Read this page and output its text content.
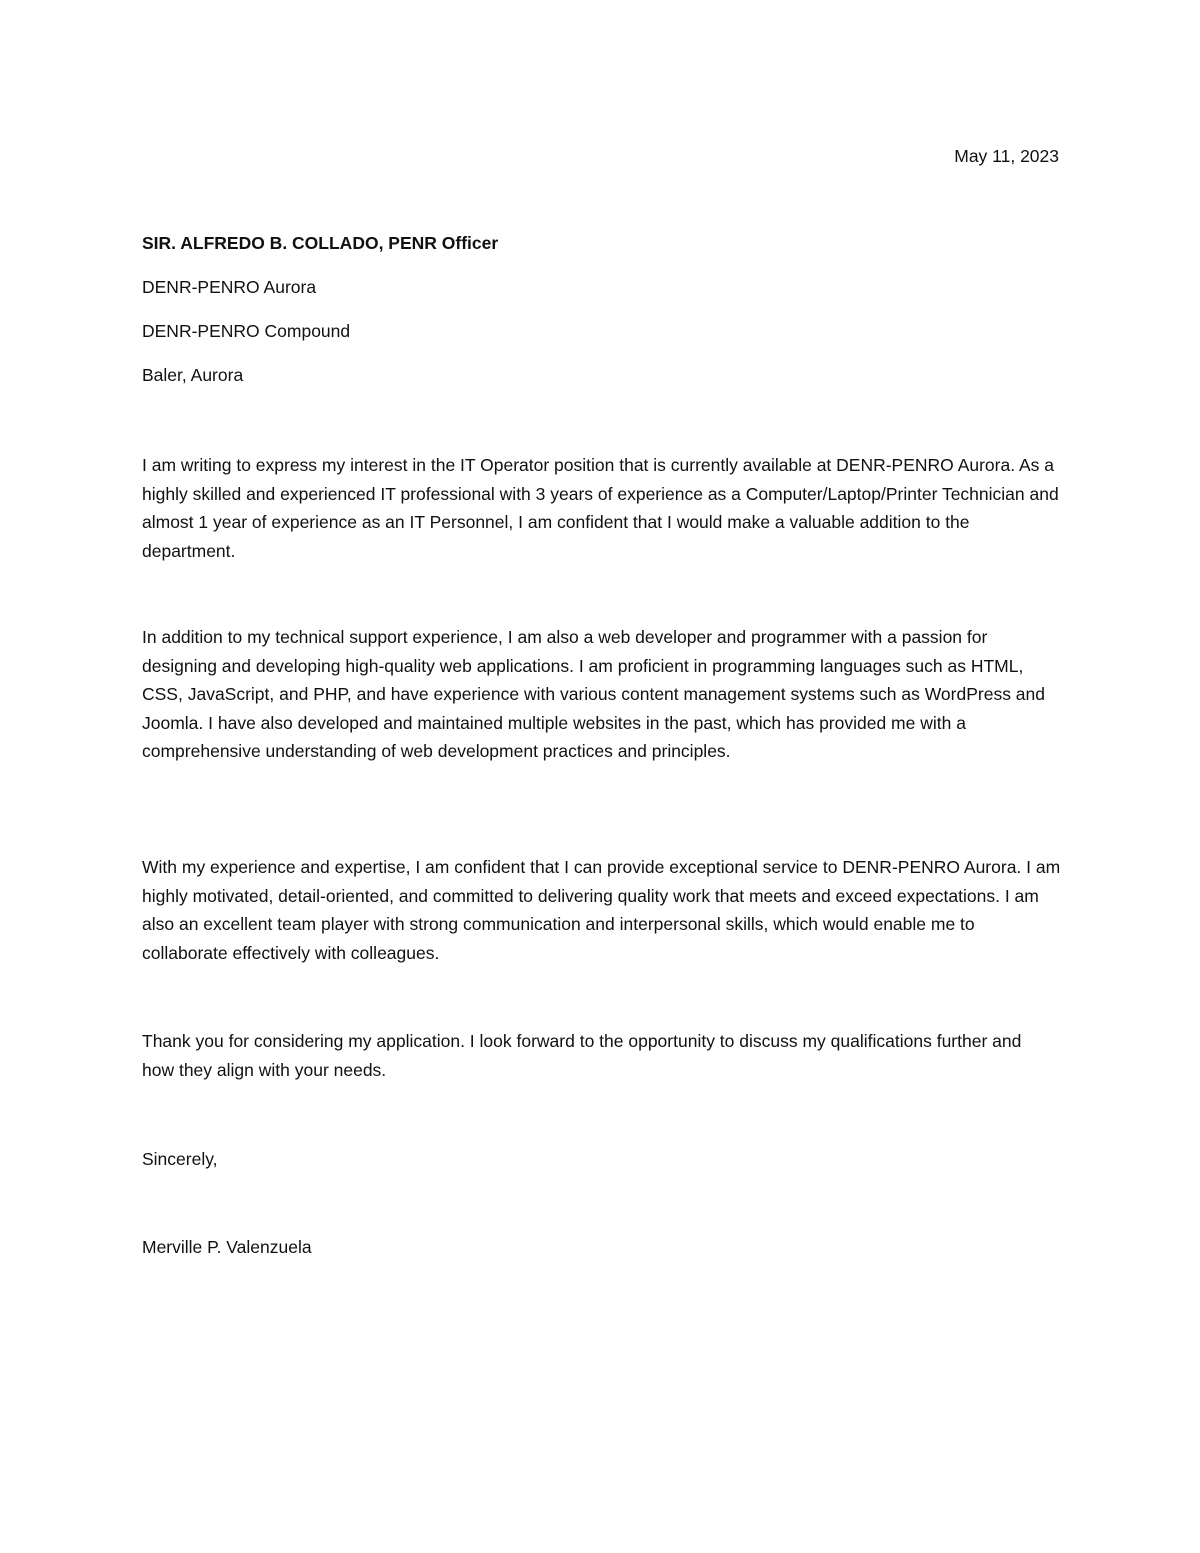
May 11, 2023
SIR. ALFREDO B. COLLADO, PENR Officer
DENR-PENRO Aurora
DENR-PENRO Compound
Baler, Aurora

I am writing to express my interest in the IT Operator position that is currently available at DENR-PENRO Aurora. As a highly skilled and experienced IT professional with 3 years of experience as a Computer/Laptop/Printer Technician and almost 1 year of experience as an IT Personnel, I am confident that I would make a valuable addition to the department.

In addition to my technical support experience, I am also a web developer and programmer with a passion for designing and developing high-quality web applications. I am proficient in programming languages such as HTML, CSS, JavaScript, and PHP, and have experience with various content management systems such as WordPress and Joomla. I have also developed and maintained multiple websites in the past, which has provided me with a comprehensive understanding of web development practices and principles.

With my experience and expertise, I am confident that I can provide exceptional service to DENR-PENRO Aurora. I am highly motivated, detail-oriented, and committed to delivering quality work that meets and exceed expectations. I am also an excellent team player with strong communication and interpersonal skills, which would enable me to collaborate effectively with colleagues.

Thank you for considering my application. I look forward to the opportunity to discuss my qualifications further and how they align with your needs.

Sincerely,
Merville P. Valenzuela
